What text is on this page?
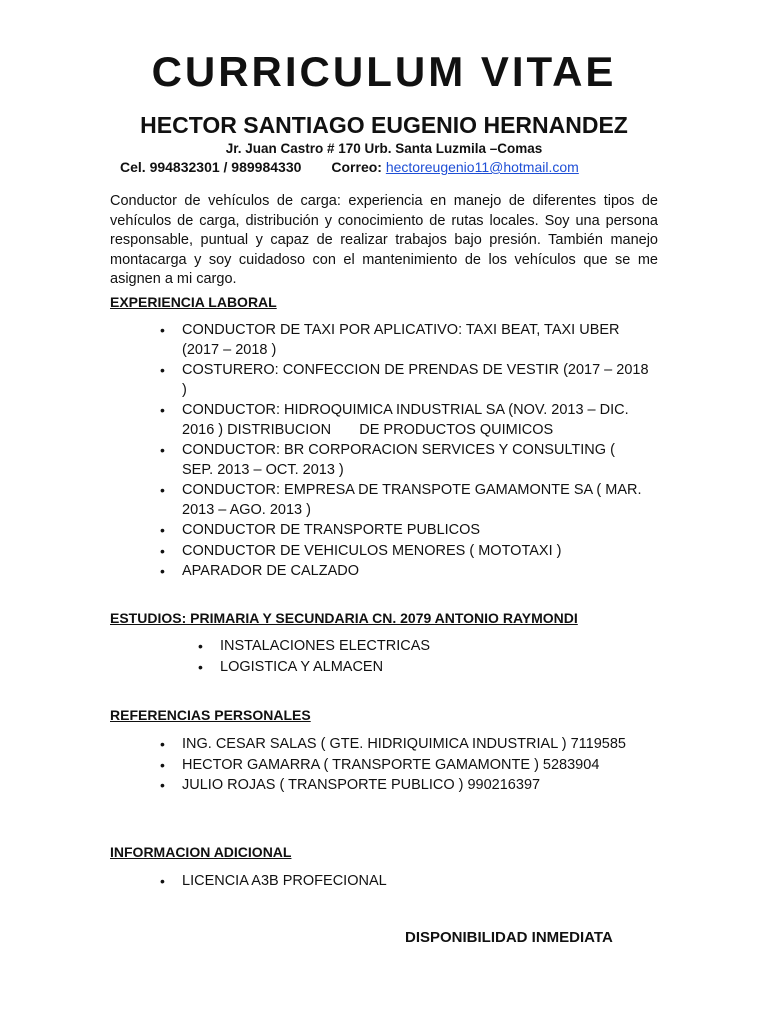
CURRICULUM VITAE
HECTOR SANTIAGO EUGENIO HERNANDEZ

Jr. Juan Castro # 170 Urb. Santa Luzmila –Comas

Cel. 994832301 / 989984330 Correo: hectoreugenio11@hotmail.com

Conductor de vehículos de carga: experiencia en manejo de diferentes tipos de vehículos de carga, distribución y conocimiento de rutas locales. Soy una persona responsable, puntual y capaz de realizar trabajos bajo presión. También manejo montacarga y soy cuidadoso con el mantenimiento de los vehículos que se me asignen a mi cargo.

EXPERIENCIA LABORAL
• CONDUCTOR DE TAXI POR APLICATIVO: TAXI BEAT, TAXI UBER (2017 – 2018 )
• COSTURERO: CONFECCION DE PRENDAS DE VESTIR (2017 – 2018 )
• CONDUCTOR: HIDROQUIMICA INDUSTRIAL SA (NOV. 2013 – DIC. 2016 ) DISTRIBUCION       DE PRODUCTOS QUIMICOS
• CONDUCTOR: BR CORPORACION SERVICES Y CONSULTING ( SEP. 2013 – OCT. 2013 )
• CONDUCTOR: EMPRESA DE TRANSPOTE GAMAMONTE SA ( MAR. 2013 – AGO. 2013 )
• CONDUCTOR DE TRANSPORTE PUBLICOS
• CONDUCTOR DE VEHICULOS MENORES ( MOTOTAXI )
• APARADOR DE CALZADO
ESTUDIOS: PRIMARIA Y SECUNDARIA CN. 2079 ANTONIO RAYMONDI
• INSTALACIONES ELECTRICAS
• LOGISTICA Y ALMACEN
REFERENCIAS PERSONALES
• ING. CESAR SALAS ( GTE. HIDRIQUIMICA INDUSTRIAL ) 7119585
• HECTOR GAMARRA ( TRANSPORTE GAMAMONTE ) 5283904
• JULIO ROJAS ( TRANSPORTE PUBLICO ) 990216397
INFORMACION ADICIONAL
• LICENCIA A3B PROFECIONAL

DISPONIBILIDAD INMEDIATA
